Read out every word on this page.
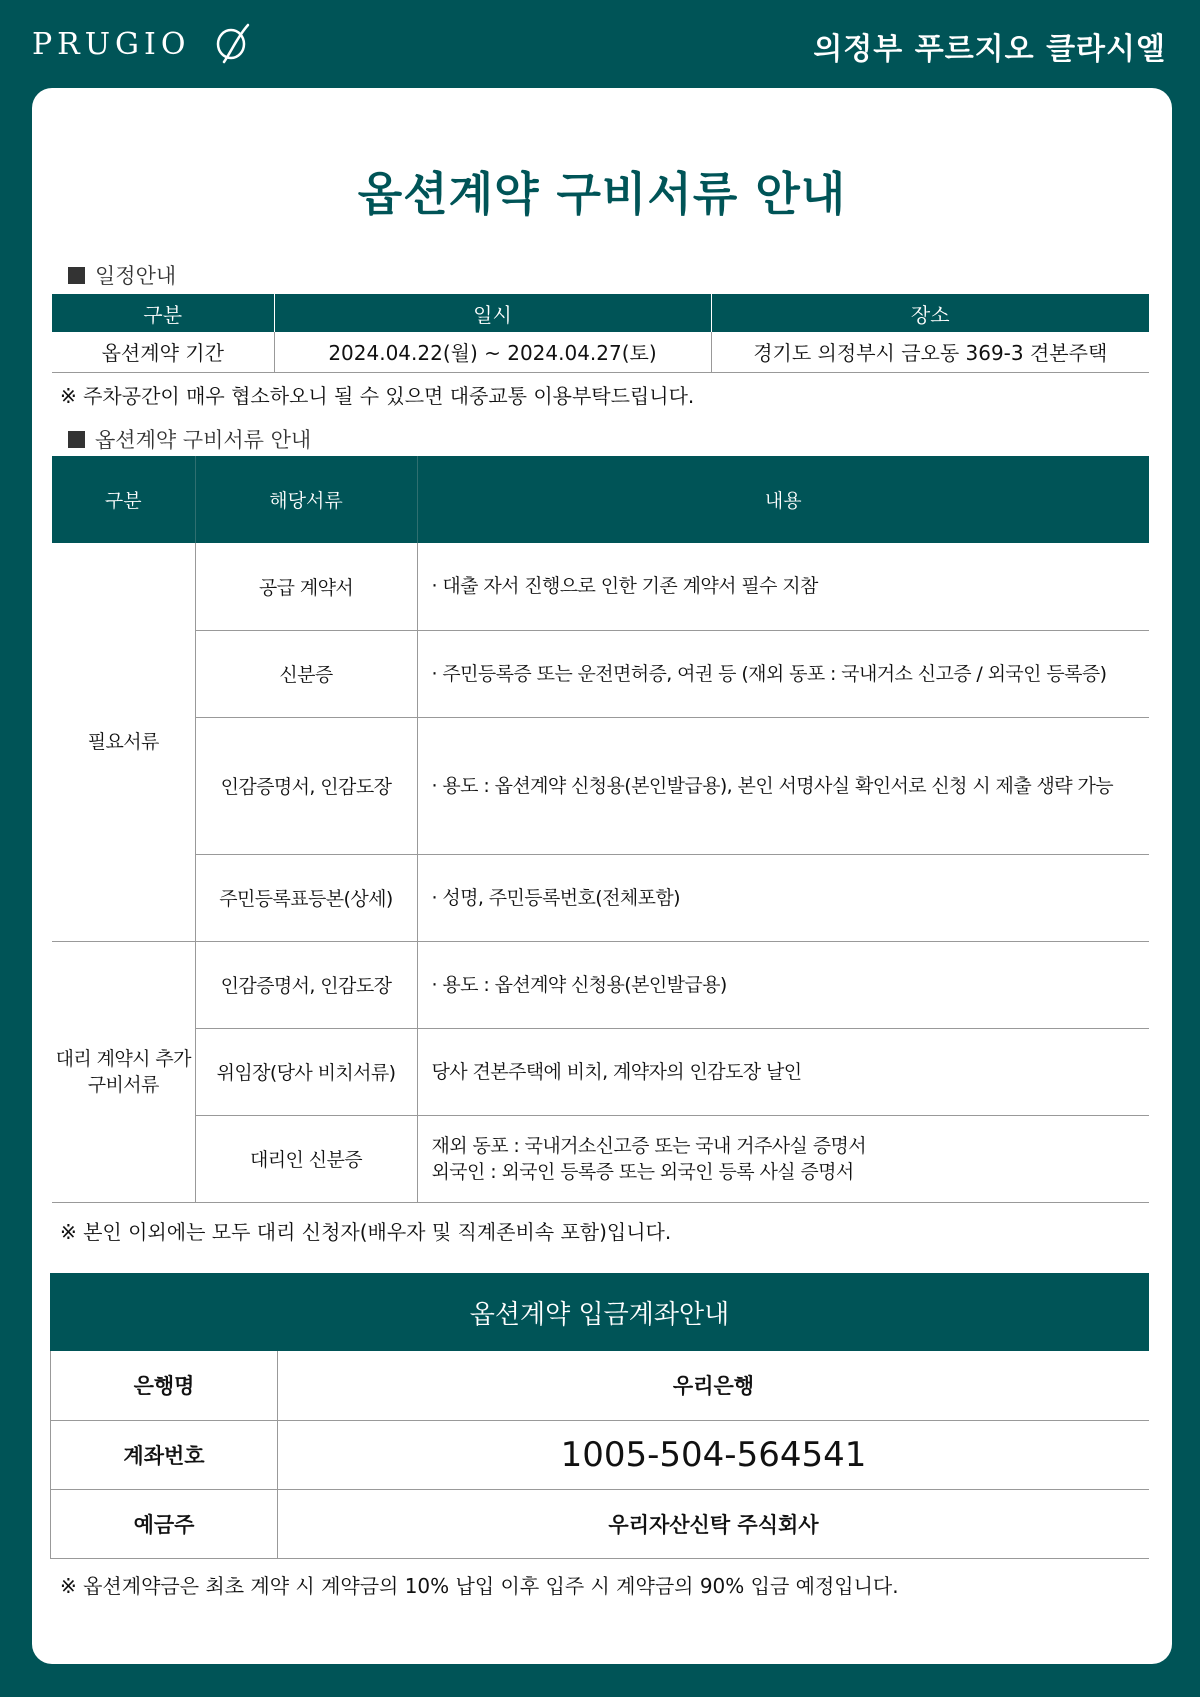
PRUGIO	의정부 푸르지오 클라시엘
옵션계약 구비서류 안내
일정안내
구분	일시	장소
옵션계약 기간	2024.04.22(월) ~ 2024.04.27(토)	경기도 의정부시 금오동 369-3 견본주택
※ 주차공간이 매우 협소하오니 될 수 있으면 대중교통 이용부탁드립니다.
옵션계약 구비서류 안내
구분	해당서류	내용
필요서류	공급 계약서	· 대출 자서 진행으로 인한 기존 계약서 필수 지참

	신분증	· 주민등록증 또는 운전면허증, 여권 등 (재외 동포 : 국내거소 신고증 / 외국인 등록증)

	인감증명서, 인감도장	· 용도 : 옵션계약 신청용(본인발급용), 본인 서명사실 확인서로 신청 시 제출 생략 가능

	주민등록표등본(상세)	· 성명, 주민등록번호(전체포함)

대리 계약시 추가 구비서류	인감증명서, 인감도장	· 용도 : 옵션계약 신청용(본인발급용)

	위임장(당사 비치서류)	당사 견본주택에 비치, 계약자의 인감도장 날인

	대리인 신분증	재외 동포 : 국내거소신고증 또는 국내 거주사실 증명서
외국인 : 외국인 등록증 또는 외국인 등록 사실 증명서
※ 본인 이외에는 모두 대리 신청자(배우자 및 직계존비속 포함)입니다.
옵션계약 입금계좌안내
은행명	우리은행
계좌번호	1005-504-564541
예금주	우리자산신탁 주식회사
※ 옵션계약금은 최초 계약 시 계약금의 10% 납입 이후 입주 시 계약금의 90% 입금 예정입니다.
